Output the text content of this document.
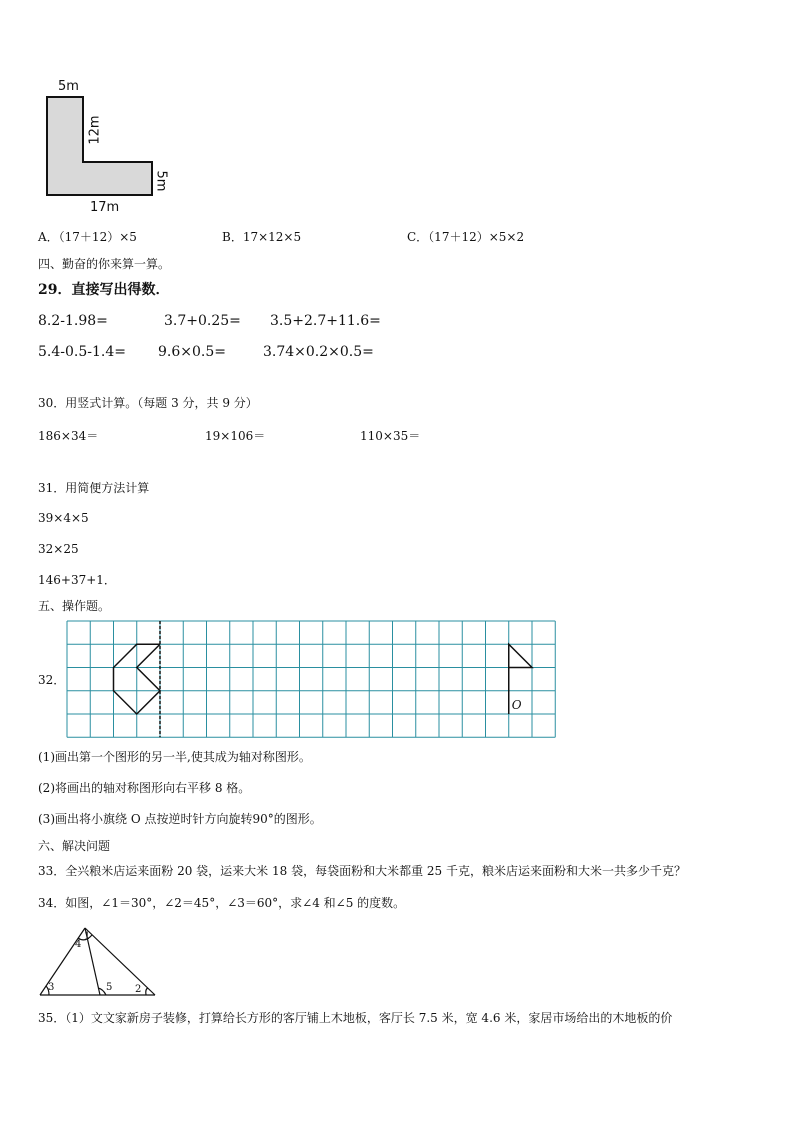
5m
12m
5m
17m
A．（17＋12）×5	B．17×12×5	C．（17＋12）×5×2
四、勤奋的你来算一算。
29．直接写出得数．
8.2-1.98=	3.7+0.25= 3.5+2.7+11.6=
5.4-0.5-1.4= 9.6×0.5=	3.74×0.2×0.5=
30．用竖式计算。（每题 3 分，共 9 分）
186×34＝	19×106＝	110×35＝
31．用简便方法计算
39×4×5
32×25
146+37+1．
五、操作题。
32．
O
(1)画出第一个图形的另一半,使其成为轴对称图形。
(2)将画出的轴对称图形向右平移 8 格。
(3)画出将小旗绕 O 点按逆时针方向旋转90°的图形。
六、解决问题
33．全兴粮米店运来面粉 20 袋，运来大米 18 袋，每袋面粉和大米都重 25 千克，粮米店运来面粉和大米一共多少千克？
34．如图，∠1＝30°，∠2＝45°，∠3＝60°，求∠4 和∠5 的度数。
1
4
3	5 2
35．（1）文文家新房子装修，打算给长方形的客厅铺上木地板，客厅长 7.5 米，宽 4.6 米，家居市场给出的木地板的价
